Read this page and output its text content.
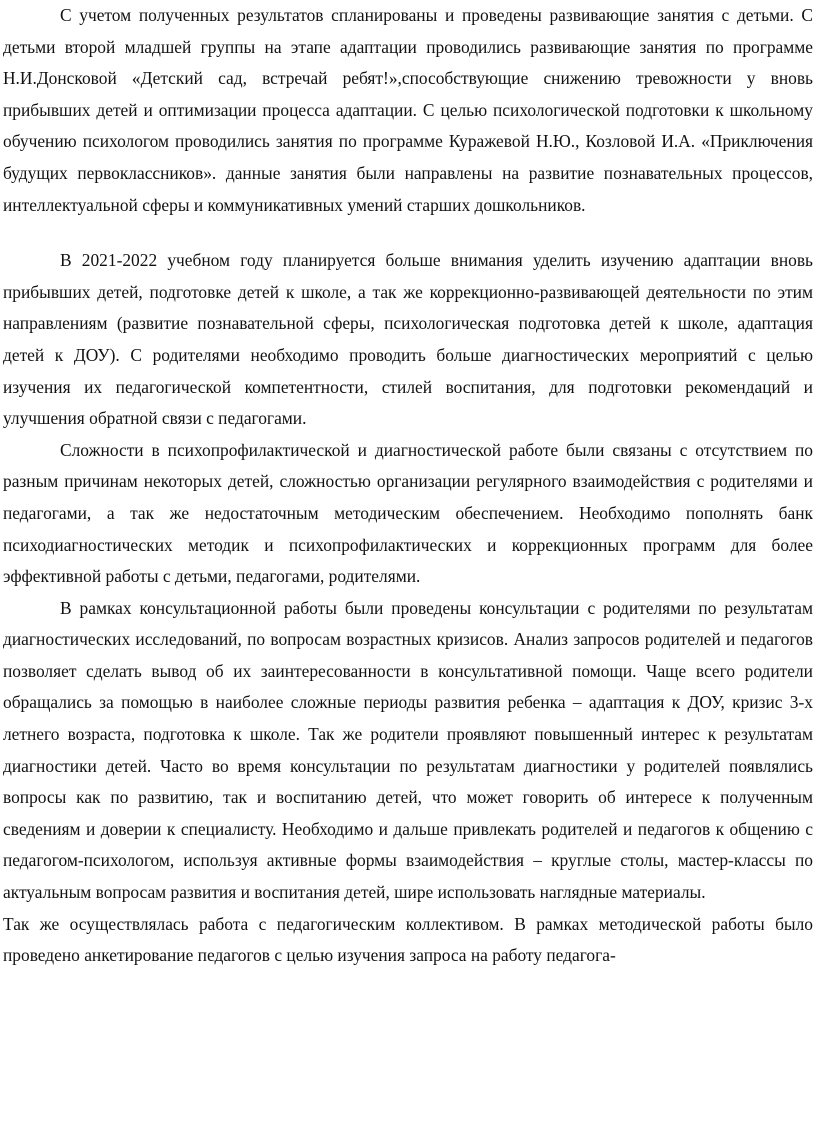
С учетом полученных результатов спланированы и проведены развивающие занятия с детьми. С детьми второй младшей группы на этапе адаптации проводились развивающие занятия по программе Н.И.Донсковой «Детский сад, встречай ребят!»,способствующие снижению тревожности у вновь прибывших детей и оптимизации процесса адаптации. С целью психологической подготовки к школьному обучению психологом проводились занятия по программе Куражевой Н.Ю., Козловой И.А. «Приключения будущих первоклассников». данные занятия были направлены на развитие познавательных процессов, интеллектуальной сферы и коммуникативных умений старших дошкольников.

В 2021-2022 учебном году планируется больше внимания уделить изучению адаптации вновь прибывших детей, подготовке детей к школе, а так же коррекционно-развивающей деятельности по этим направлениям (развитие познавательной сферы, психологическая подготовка детей к школе, адаптация детей к ДОУ). С родителями необходимо проводить больше диагностических мероприятий с целью изучения их педагогической компетентности, стилей воспитания, для подготовки рекомендаций и улучшения обратной связи с педагогами.

Сложности в психопрофилактической и диагностической работе были связаны с отсутствием по разным причинам некоторых детей, сложностью организации регулярного взаимодействия с родителями и педагогами, а так же недостаточным методическим обеспечением. Необходимо пополнять банк психодиагностических методик и психопрофилактических и коррекционных программ для более эффективной работы с детьми, педагогами, родителями.

В рамках консультационной работы были проведены консультации с родителями по результатам диагностических исследований, по вопросам возрастных кризисов. Анализ запросов родителей и педагогов позволяет сделать вывод об их заинтересованности в консультативной помощи. Чаще всего родители обращались за помощью в наиболее сложные периоды развития ребенка – адаптация к ДОУ, кризис 3-х летнего возраста, подготовка к школе. Так же родители проявляют повышенный интерес к результатам диагностики детей. Часто во время консультации по результатам диагностики у родителей появлялись вопросы как по развитию, так и воспитанию детей, что может говорить об интересе к полученным сведениям и доверии к специалисту. Необходимо и дальше привлекать родителей и педагогов к общению с педагогом-психологом, используя активные формы взаимодействия – круглые столы, мастер-классы по актуальным вопросам развития и воспитания детей, шире использовать наглядные материалы.

Так же осуществлялась работа с педагогическим коллективом. В рамках методической работы было проведено анкетирование педагогов с целью изучения запроса на работу педагога-
